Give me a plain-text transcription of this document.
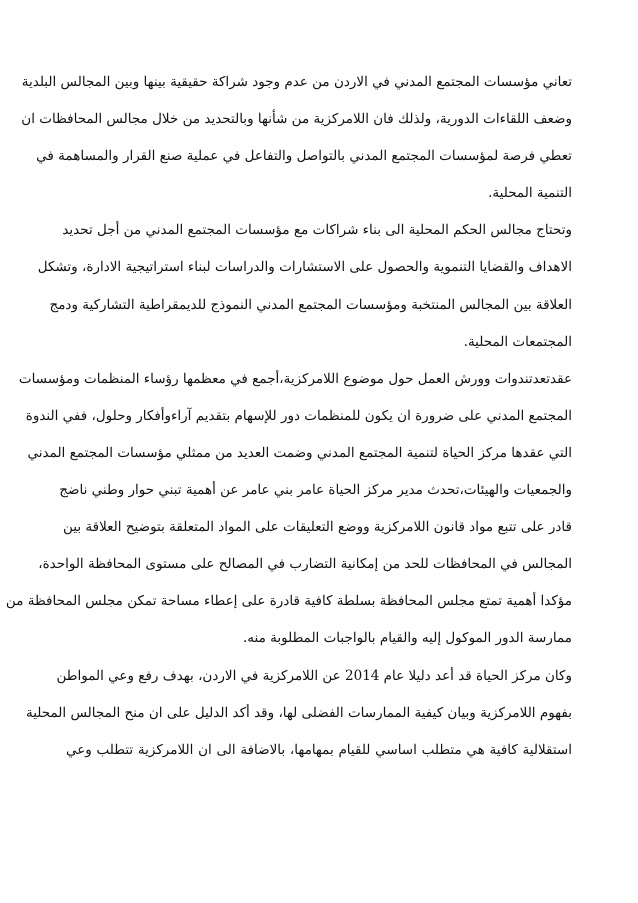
تعاني مؤسسات المجتمع المدني في الاردن من عدم وجود شراكة حقيقية بينها وبين المجالس البلدية
وضعف اللقاءات الدورية، ولذلك فان اللامركزية من شأنها وبالتحديد من خلال مجالس المحافظات ان
تعطي فرصة لمؤسسات المجتمع المدني بالتواصل والتفاعل في عملية صنع القرار والمساهمة في
التنمية المحلية.
وتحتاج مجالس الحكم المحلية الى بناء شراكات مع مؤسسات المجتمع المدني من أجل تحديد
الاهداف والقضايا التنموية والحصول على الاستشارات والدراسات لبناء استراتيجية الادارة، وتشكل
العلاقة بين المجالس المنتخبة ومؤسسات المجتمع المدني النموذج للديمقراطية التشاركية ودمج
المجتمعات المحلية.
عقدتعدتندوات وورش العمل حول موضوع اللامركزية،أجمع في معظمها رؤساء المنظمات ومؤسسات
المجتمع المدني على ضرورة ان يكون للمنظمات دور للإسهام بتقديم آراءوأفكار وحلول، ففي الندوة
التي عقدها مركز الحياة لتنمية المجتمع المدني وضمت العديد من ممثلي مؤسسات المجتمع المدني
والجمعيات والهيئات،تحدث مدير مركز الحياة عامر بني عامر عن أهمية تبني حوار وطني ناضج
قادر على تتبع مواد قانون اللامركزية ووضع التعليقات على المواد المتعلقة بتوضيح العلاقة بين
المجالس في المحافظات للحد من إمكانية التضارب في المصالح على مستوى المحافظة الواحدة،
مؤكدا أهمية تمتع مجلس المحافظة بسلطة كافية قادرة على إعطاء مساحة تمكن مجلس المحافظة من
ممارسة الدور الموكول إليه والقيام بالواجبات المطلوبة منه.
وكان مركز الحياة قد أعد دليلا عام 2014 عن اللامركزية في الاردن، بهدف رفع وعي المواطن
بفهوم اللامركزية وبيان كيفية الممارسات الفضلى لها، وقد أكد الدليل على ان منح المجالس المحلية
استقلالية كافية هي متطلب اساسي للقيام بمهامها، بالاضافة الى ان اللامركزية تتطلب وعي
